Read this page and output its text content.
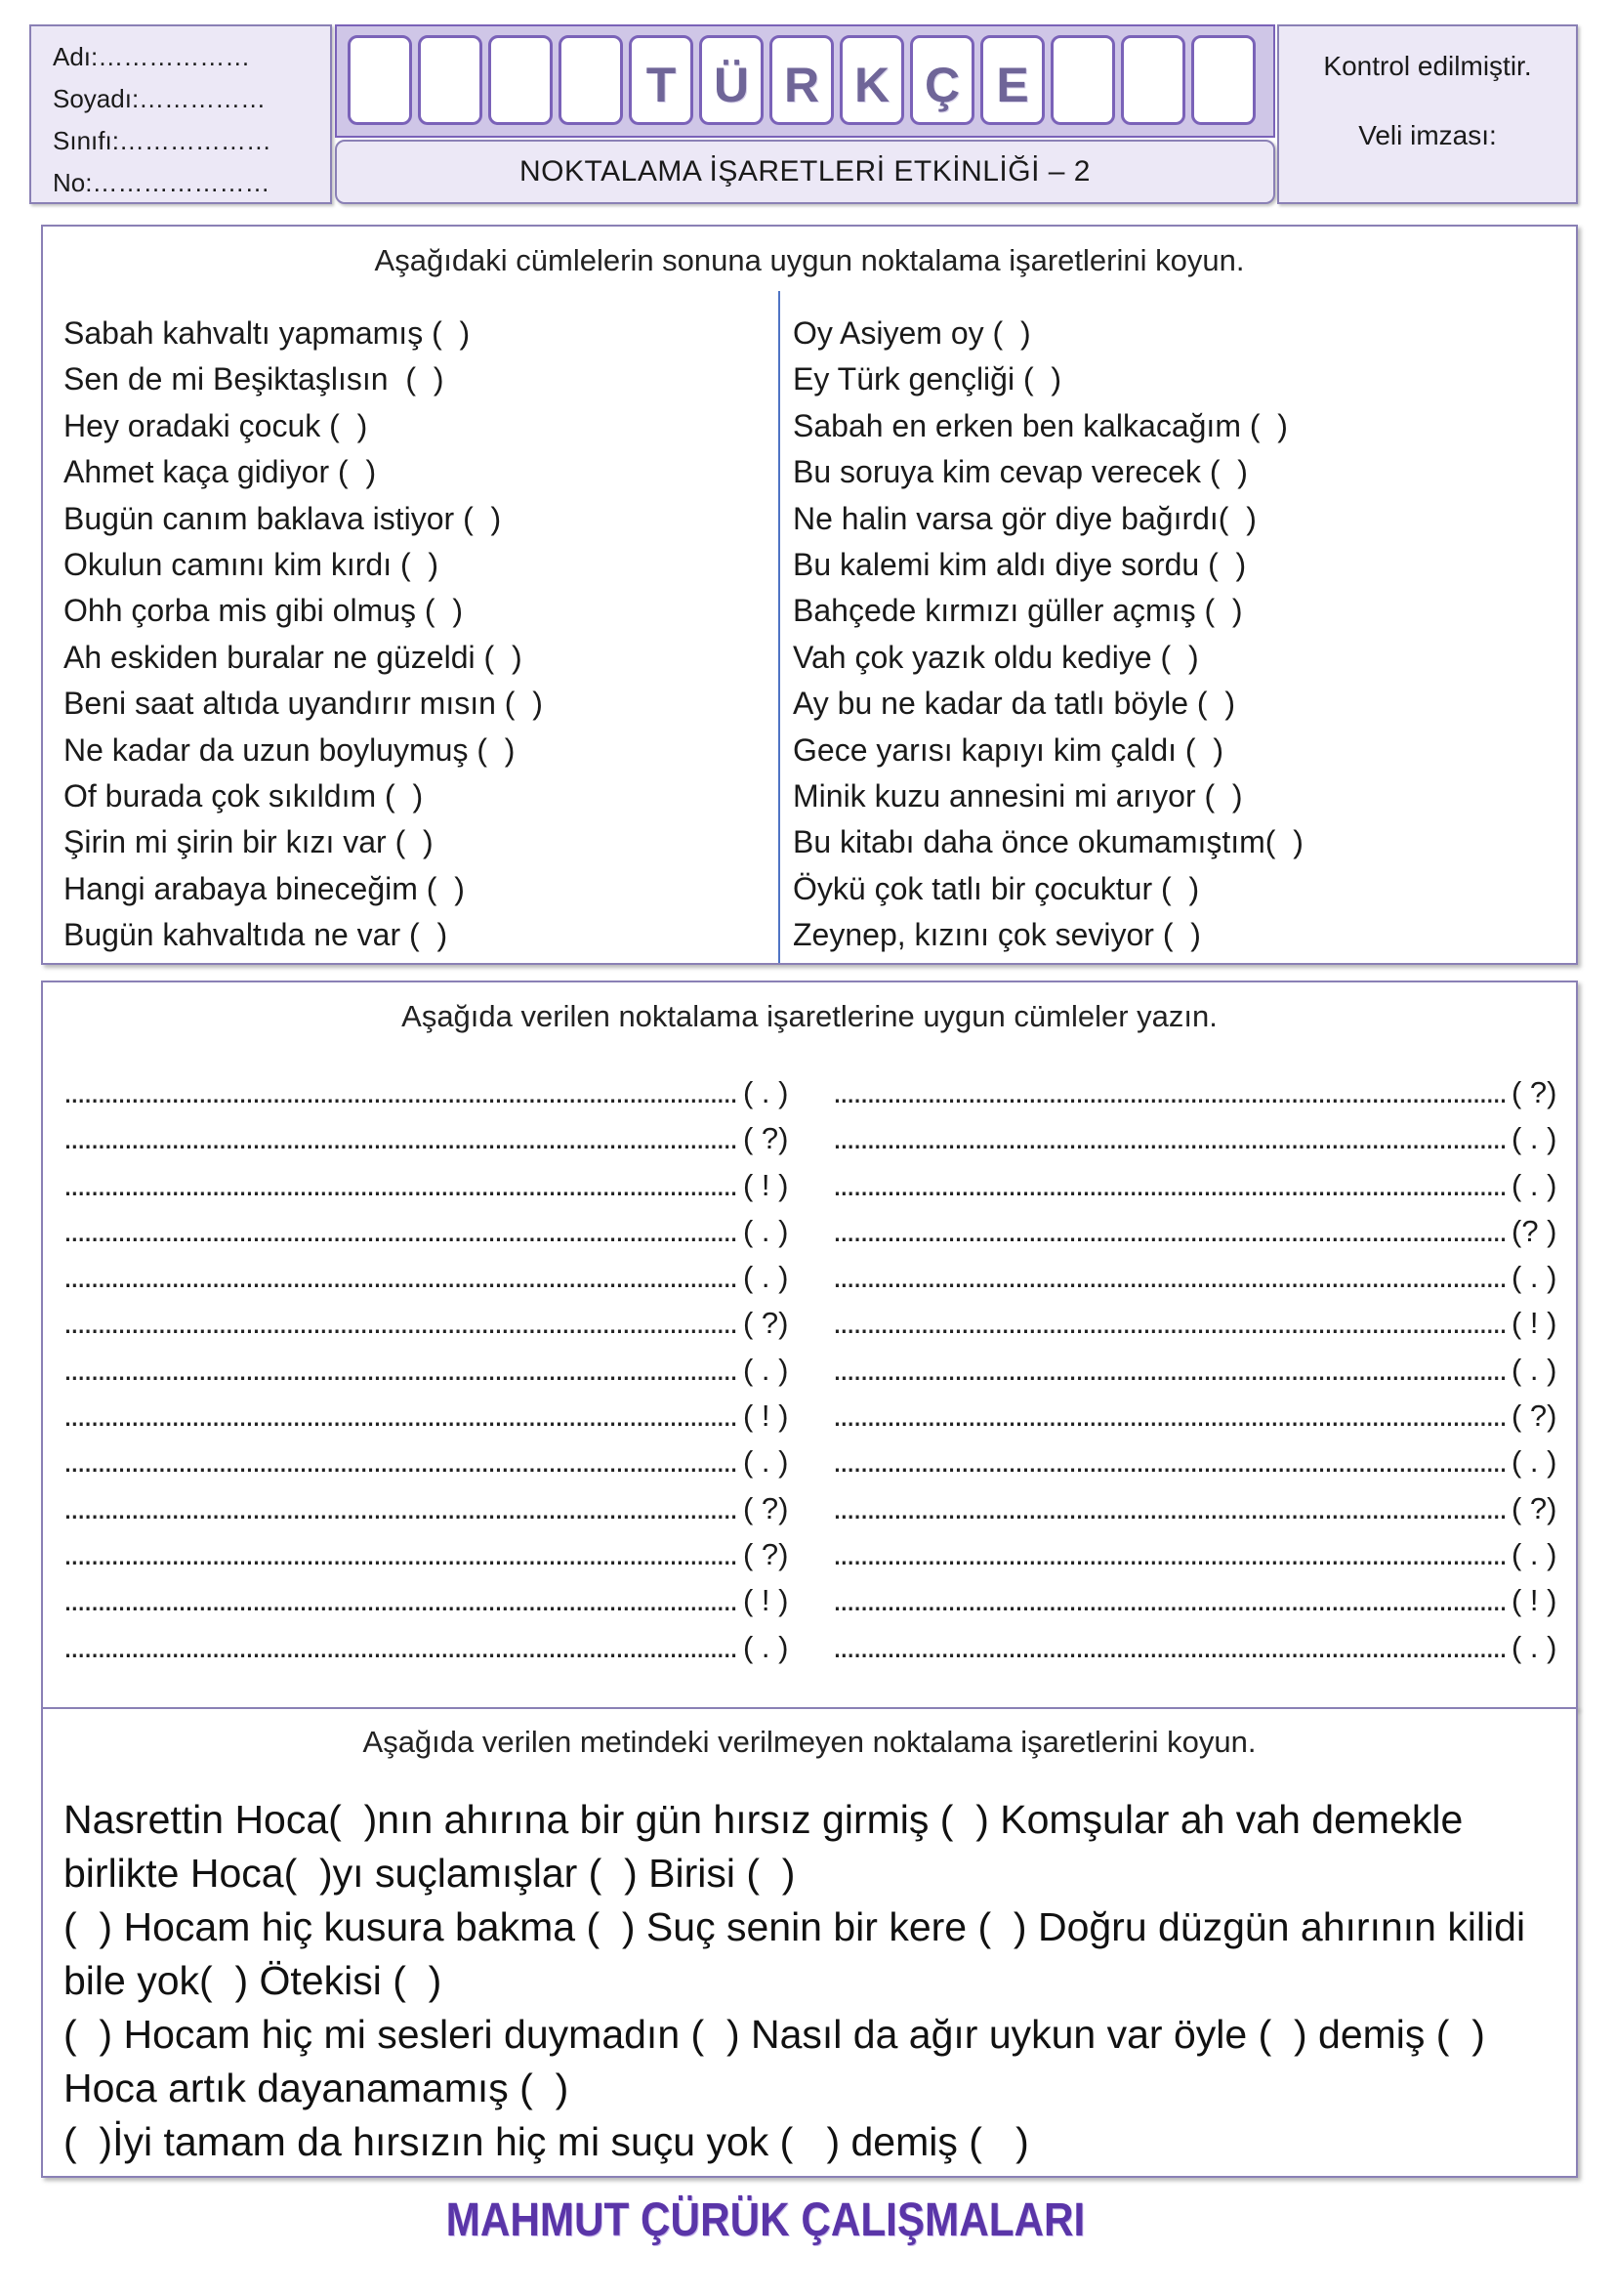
Adı:………………
Soyadı:……………
Sınıfı:………………
No:…………………
T Ü R K Ç E
NOKTALAMA İŞARETLERİ ETKİNLİĞİ – 2
Kontrol edilmiştir.
Veli imzası:
Aşağıdaki cümlelerin sonuna uygun noktalama işaretlerini koyun.
Sabah kahvaltı yapmamış (  )
Sen de mi Beşiktaşlısın  (  )
Hey oradaki çocuk (  )
Ahmet kaça gidiyor (  )
Bugün canım baklava istiyor (  )
Okulun camını kim kırdı (  )
Ohh çorba mis gibi olmuş (  )
Ah eskiden buralar ne güzeldi (  )
Beni saat altıda uyandırır mısın (  )
Ne kadar da uzun boyluymuş (  )
Of burada çok sıkıldım (  )
Şirin mi şirin bir kızı var (  )
Hangi arabaya bineceğim (  )
Bugün kahvaltıda ne var (  )
Oy Asiyem oy (  )
Ey Türk gençliği (  )
Sabah en erken ben kalkacağım (  )
Bu soruya kim cevap verecek (  )
Ne halin varsa gör diye bağırdı(  )
Bu kalemi kim aldı diye sordu (  )
Bahçede kırmızı güller açmış (  )
Vah çok yazık oldu kediye (  )
Ay bu ne kadar da tatlı böyle (  )
Gece yarısı kapıyı kim çaldı (  )
Minik kuzu annesini mi arıyor (  )
Bu kitabı daha önce okumamıştım(  )
Öykü çok tatlı bir çocuktur (  )
Zeynep, kızını çok seviyor (  )
Aşağıda verilen noktalama işaretlerine uygun cümleler yazın.
.................................................................................................... ( . ) .................................................................................................... ( ?)
.................................................................................................... ( ?) .................................................................................................... ( . )
.................................................................................................... ( ! ) .................................................................................................... ( . )
.................................................................................................... ( . ) .................................................................................................... (? )
.................................................................................................... ( . ) .................................................................................................... ( . )
.................................................................................................... ( ?) .................................................................................................... ( ! )
.................................................................................................... ( . ) .................................................................................................... ( . )
.................................................................................................... ( ! ) .................................................................................................... ( ?)
.................................................................................................... ( . ) .................................................................................................... ( . )
.................................................................................................... ( ?) .................................................................................................... ( ?)
.................................................................................................... ( ?) .................................................................................................... ( . )
.................................................................................................... ( ! ) .................................................................................................... ( ! )
.................................................................................................... ( . ) .................................................................................................... ( . )
Aşağıda verilen metindeki verilmeyen noktalama işaretlerini koyun.
Nasrettin Hoca(  )nın ahırına bir gün hırsız girmiş (  ) Komşular ah vah demekle
birlikte Hoca(  )yı suçlamışlar (  ) Birisi (  )
(  ) Hocam hiç kusura bakma (  ) Suç senin bir kere (  ) Doğru düzgün ahırının kilidi
bile yok(  ) Ötekisi (  )
(  ) Hocam hiç mi sesleri duymadın (  ) Nasıl da ağır uykun var öyle (  ) demiş (  )
Hoca artık dayanamamış (  )
(  )İyi tamam da hırsızın hiç mi suçu yok (   ) demiş (   )
MAHMUT ÇÜRÜK ÇALIŞMALARI
